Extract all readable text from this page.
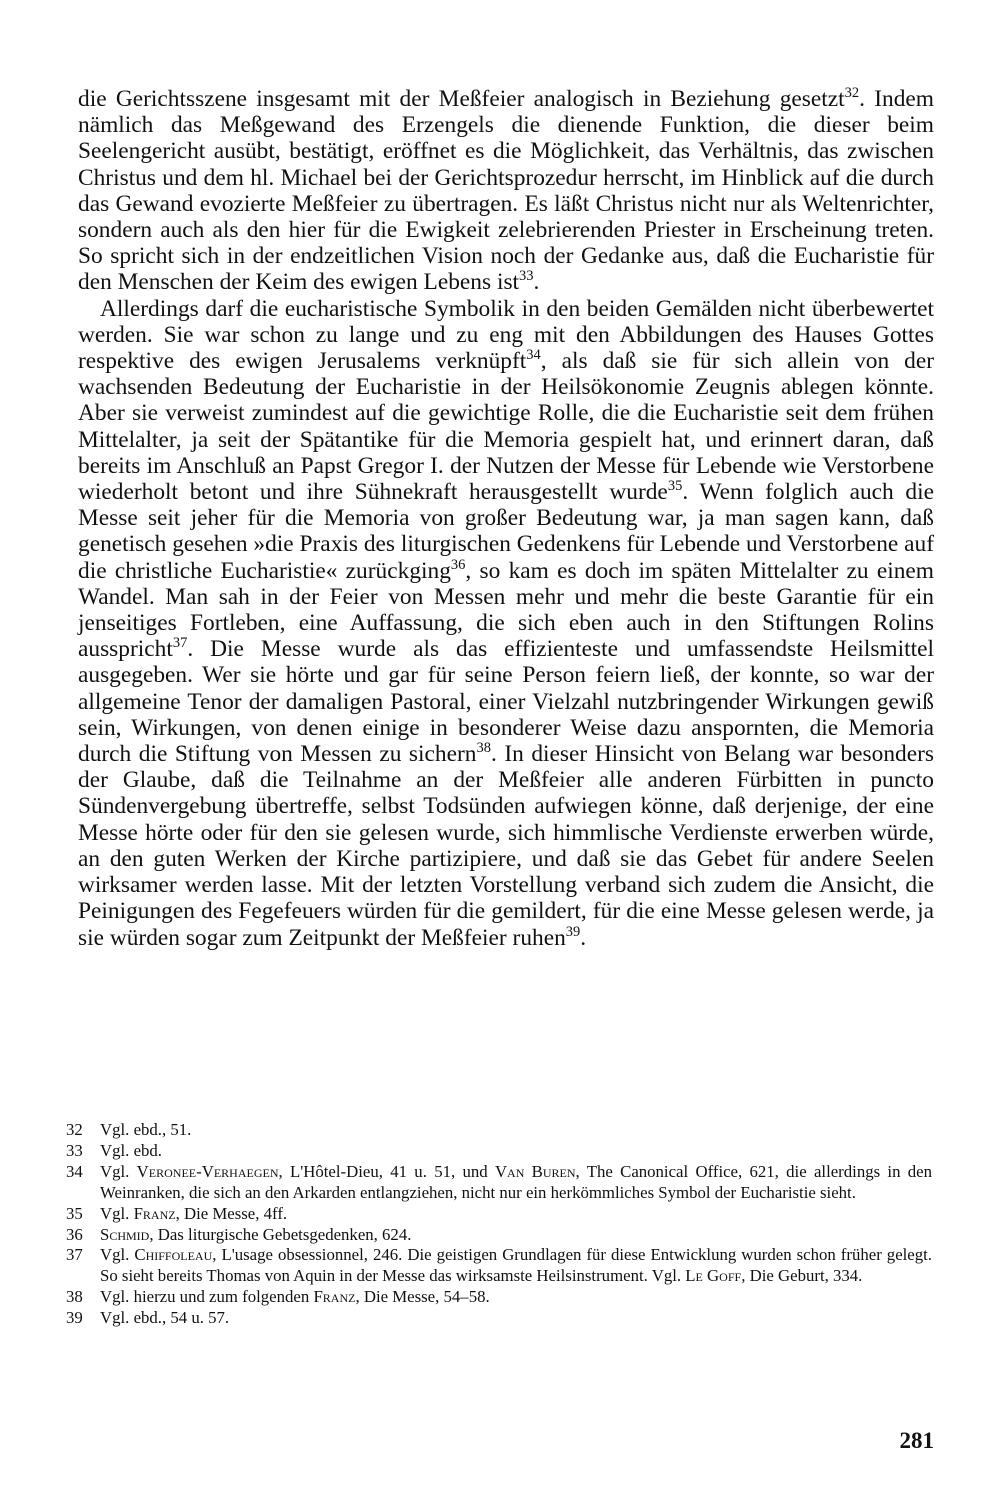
die Gerichtsszene insgesamt mit der Meßfeier analogisch in Beziehung gesetzt$^{32}$. Indem nämlich das Meßgewand des Erzengels die dienende Funktion, die dieser beim Seelengericht ausübt, bestätigt, eröffnet es die Möglichkeit, das Verhältnis, das zwischen Christus und dem hl. Michael bei der Gerichtsprozedur herrscht, im Hinblick auf die durch das Gewand evozierte Meßfeier zu übertragen. Es läßt Christus nicht nur als Weltenrichter, sondern auch als den hier für die Ewigkeit zelebrierenden Priester in Erscheinung treten. So spricht sich in der endzeitlichen Vision noch der Gedanke aus, daß die Eucharistie für den Menschen der Keim des ewigen Lebens ist$^{33}$.

Allerdings darf die eucharistische Symbolik in den beiden Gemälden nicht überbewertet werden. Sie war schon zu lange und zu eng mit den Abbildungen des Hauses Gottes respektive des ewigen Jerusalems verknüpft$^{34}$, als daß sie für sich allein von der wachsenden Bedeutung der Eucharistie in der Heilsökonomie Zeugnis ablegen könnte. Aber sie verweist zumindest auf die gewichtige Rolle, die die Eucharistie seit dem frühen Mittelalter, ja seit der Spätantike für die Memoria gespielt hat, und erinnert daran, daß bereits im Anschluß an Papst Gregor I. der Nutzen der Messe für Lebende wie Verstorbene wiederholt betont und ihre Sühnekraft herausgestellt wurde$^{35}$. Wenn folglich auch die Messe seit jeher für die Memoria von großer Bedeutung war, ja man sagen kann, daß genetisch gesehen »die Praxis des liturgischen Gedenkens für Lebende und Verstorbene auf die christliche Eucharistie« zurückging$^{36}$, so kam es doch im späten Mittelalter zu einem Wandel. Man sah in der Feier von Messen mehr und mehr die beste Garantie für ein jenseitiges Fortleben, eine Auffassung, die sich eben auch in den Stiftungen Rolins ausspricht$^{37}$. Die Messe wurde als das effizienteste und umfassendste Heilsmittel ausgegeben. Wer sie hörte und gar für seine Person feiern ließ, der konnte, so war der allgemeine Tenor der damaligen Pastoral, einer Vielzahl nutzbringender Wirkungen gewiß sein, Wirkungen, von denen einige in besonderer Weise dazu anspornten, die Memoria durch die Stiftung von Messen zu sichern$^{38}$. In dieser Hinsicht von Belang war besonders der Glaube, daß die Teilnahme an der Meßfeier alle anderen Fürbitten in puncto Sündenvergebung übertreffe, selbst Todsünden aufwiegen könne, daß derjenige, der eine Messe hörte oder für den sie gelesen wurde, sich himmlische Verdienste erwerben würde, an den guten Werken der Kirche partizipiere, und daß sie das Gebet für andere Seelen wirksamer werden lasse. Mit der letzten Vorstellung verband sich zudem die Ansicht, die Peinigungen des Fegefeuers würden für die gemildert, für die eine Messe gelesen werde, ja sie würden sogar zum Zeitpunkt der Meßfeier ruhen$^{39}$.

32 Vgl. ebd., 51.
33 Vgl. ebd.
34 Vgl. Veronee-Verhaegen, L'Hôtel-Dieu, 41 u. 51, und Van Buren, The Canonical Office, 621, die allerdings in den Weinranken, die sich an den Arkarden entlangziehen, nicht nur ein herkömmliches Symbol der Eucharistie sieht.
35 Vgl. Franz, Die Messe, 4ff.
36 Schmid, Das liturgische Gebetsgedenken, 624.
37 Vgl. Chiffoleau, L'usage obsessionnel, 246. Die geistigen Grundlagen für diese Entwicklung wurden schon früher gelegt. So sieht bereits Thomas von Aquin in der Messe das wirksamste Heilsinstrument. Vgl. Le Goff, Die Geburt, 334.
38 Vgl. hierzu und zum folgenden Franz, Die Messe, 54–58.
39 Vgl. ebd., 54 u. 57.
281
